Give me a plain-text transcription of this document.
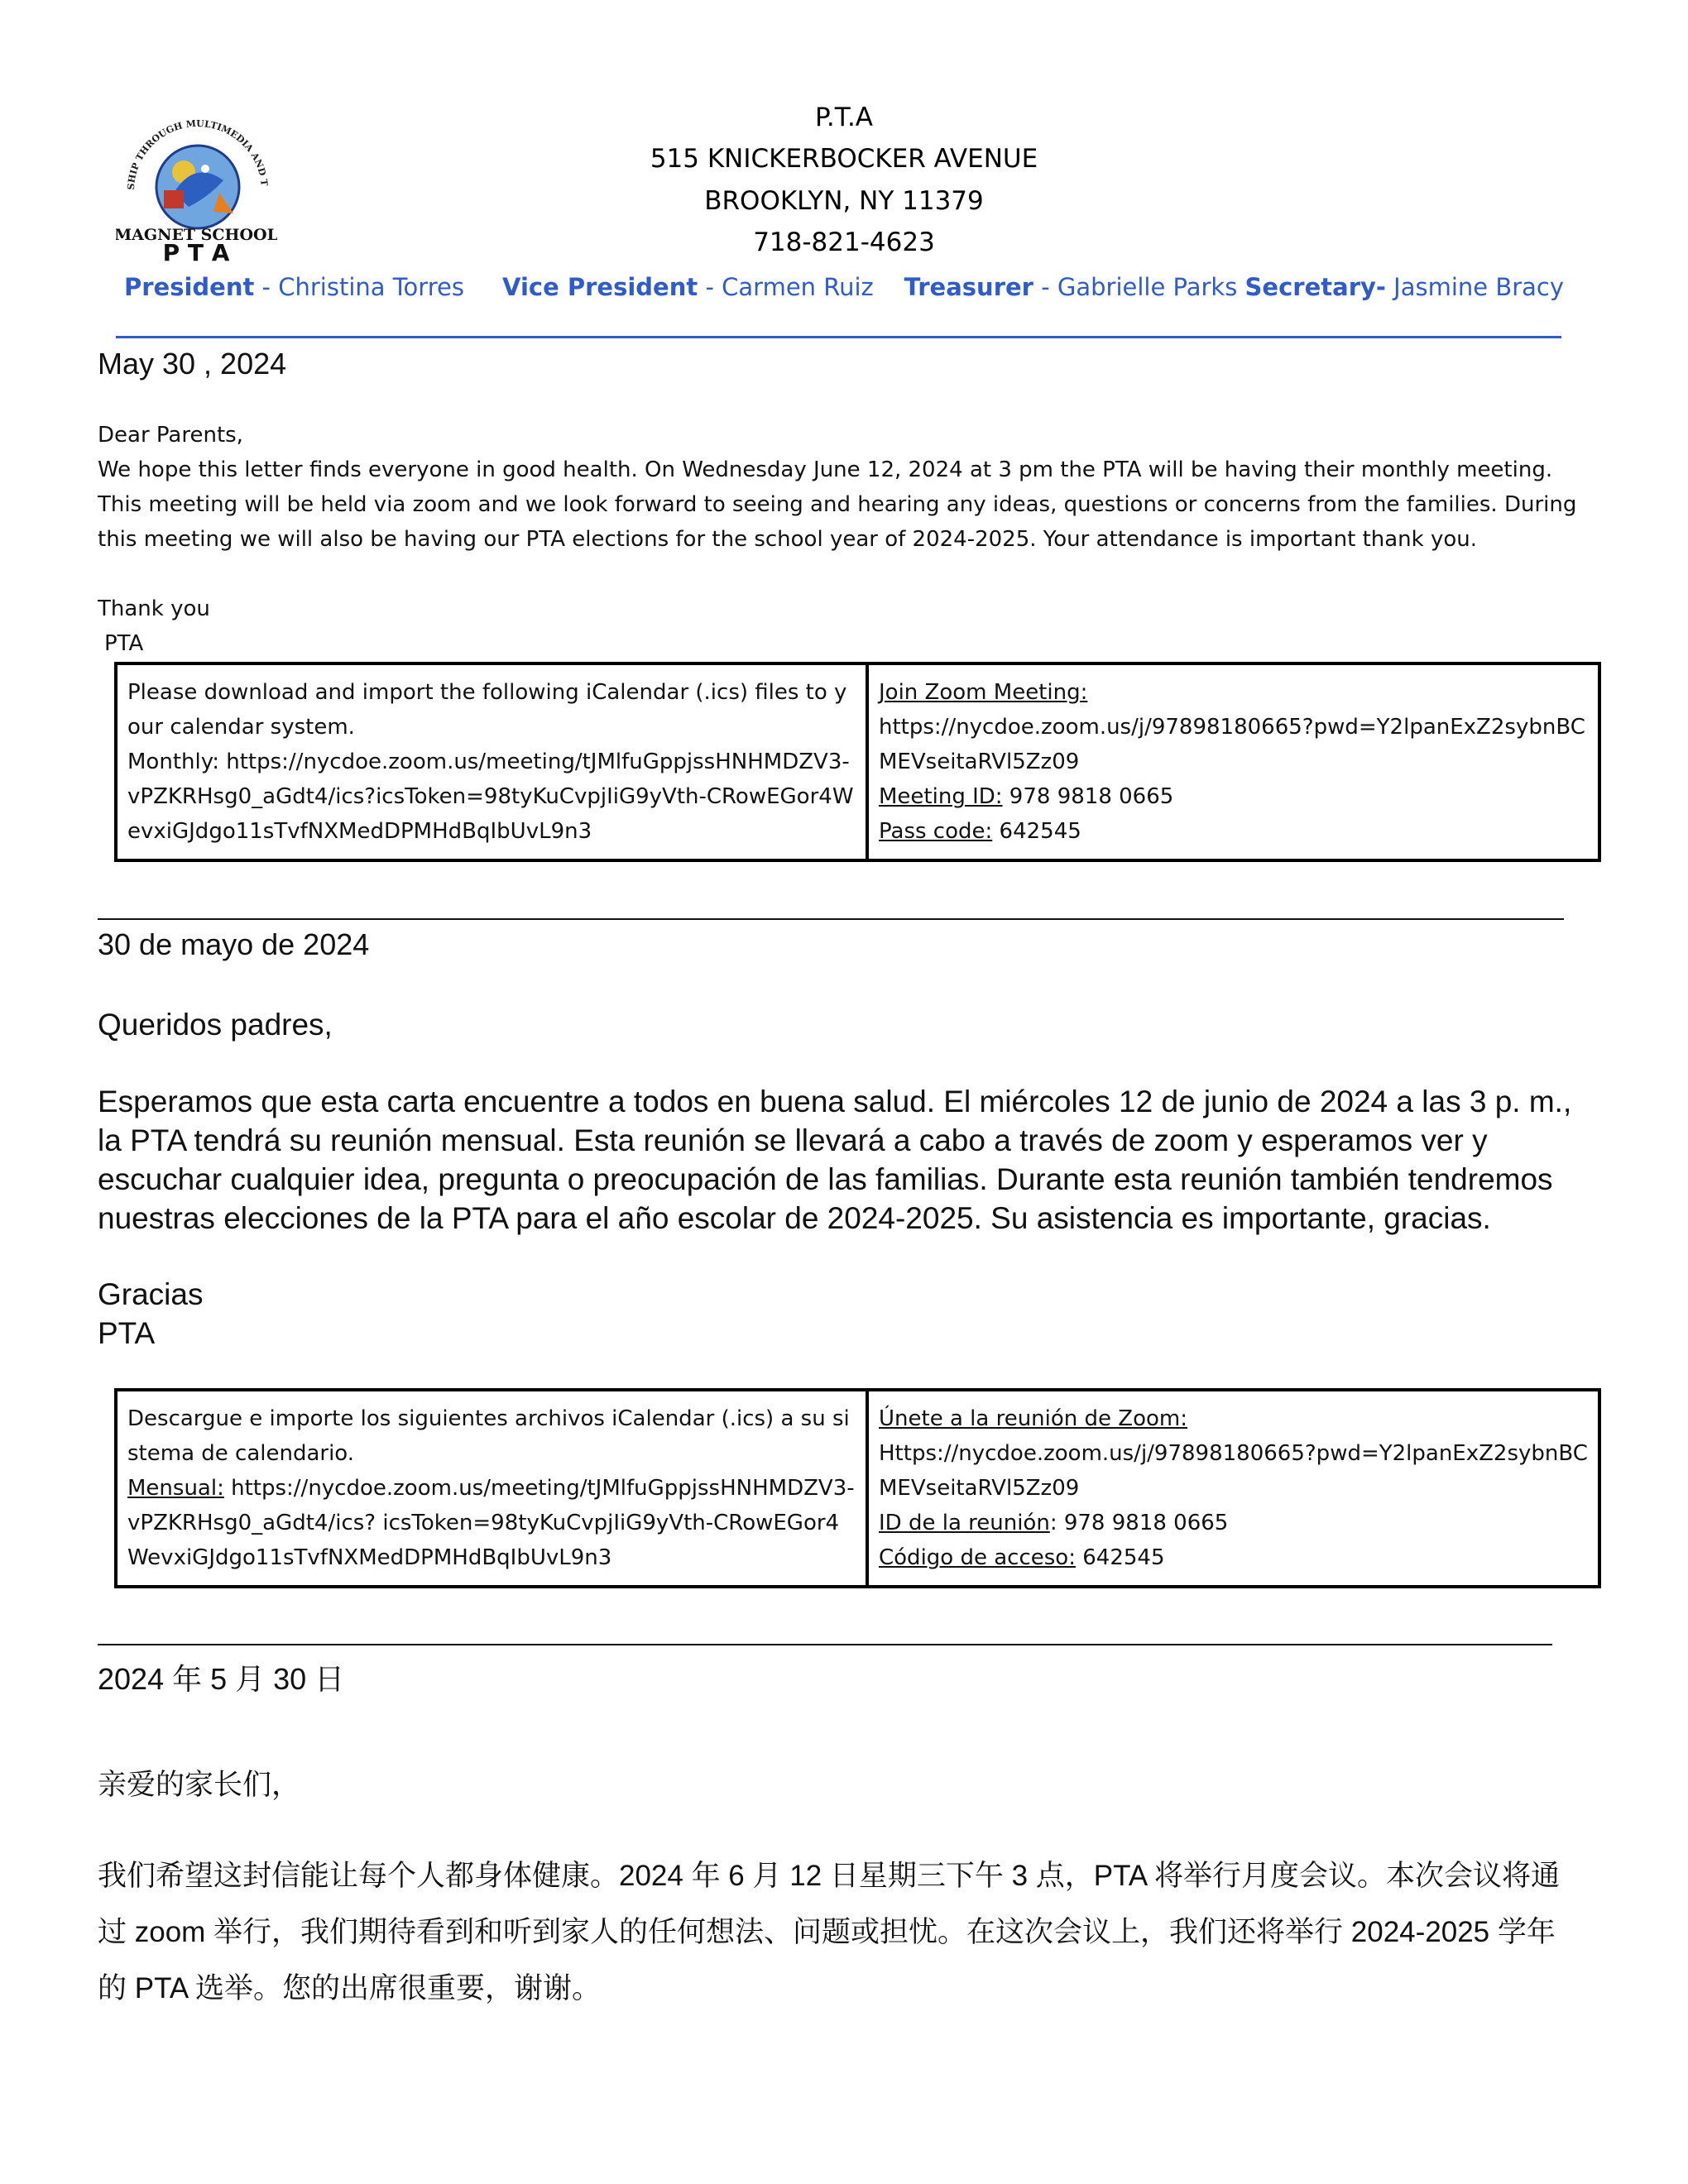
SHIP THROUGH MULTIMEDIA AND T
MAGNET SCHOOL
P T A
P.T.A
515 KNICKERBOCKER AVENUE
BROOKLYN, NY 11379
718-821-4623
President - Christina Torres Vice President - Carmen Ruiz Treasurer - Gabrielle Parks Secretary- Jasmine Bracy
May 30 , 2024
Dear Parents,
We hope this letter finds everyone in good health. On Wednesday June 12, 2024 at 3 pm the PTA will be having their monthly meeting. This meeting will be held via zoom and we look forward to seeing and hearing any ideas, questions or concerns from the families. During this meeting we will also be having our PTA elections for the school year of 2024-2025. Your attendance is important thank you.
Thank you
PTA
Please download and import the following iCalendar (.ics) files to your calendar system.
Monthly: https://nycdoe.zoom.us/meeting/tJMlfuGppjssHNHMDZV3-vPZKRHsg0_aGdt4/ics?icsToken=98tyKuCvpjIiG9yVth-CRowEGor4WevxiGJdgo11sTvfNXMedDPMHdBqIbUvL9n3	Join Zoom Meeting:
https://nycdoe.zoom.us/j/97898180665?pwd=Y2lpanExZ2sybnBCMEVseitaRVl5Zz09
Meeting ID: 978 9818 0665
Pass code: 642545
30 de mayo de 2024
Queridos padres,
Esperamos que esta carta encuentre a todos en buena salud. El miércoles 12 de junio de 2024 a las 3 p. m., la PTA tendrá su reunión mensual. Esta reunión se llevará a cabo a través de zoom y esperamos ver y escuchar cualquier idea, pregunta o preocupación de las familias. Durante esta reunión también tendremos nuestras elecciones de la PTA para el año escolar de 2024-2025. Su asistencia es importante, gracias.
Gracias
PTA
Descargue e importe los siguientes archivos iCalendar (.ics) a su sistema de calendario.
Mensual: https://nycdoe.zoom.us/meeting/tJMlfuGppjssHNHMDZV3-vPZKRHsg0_aGdt4/ics? icsToken=98tyKuCvpjIiG9yVth-CRowEGor4WevxiGJdgo11sTvfNXMedDPMHdBqIbUvL9n3	Únete a la reunión de Zoom:
Https://nycdoe.zoom.us/j/97898180665?pwd=Y2lpanExZ2sybnBCMEVseitaRVl5Zz09
ID de la reunión: 978 9818 0665
Código de acceso: 642545
2024 年 5 月 30 日
亲爱的家长们，
我们希望这封信能让每个人都身体健康。2024 年 6 月 12 日星期三下午 3 点，PTA 将举行月度会议。本次会议将通过 zoom 举行，我们期待看到和听到家人的任何想法、问题或担忧。在这次会议上，我们还将举行 2024-2025 学年的 PTA 选举。您的出席很重要，谢谢。
